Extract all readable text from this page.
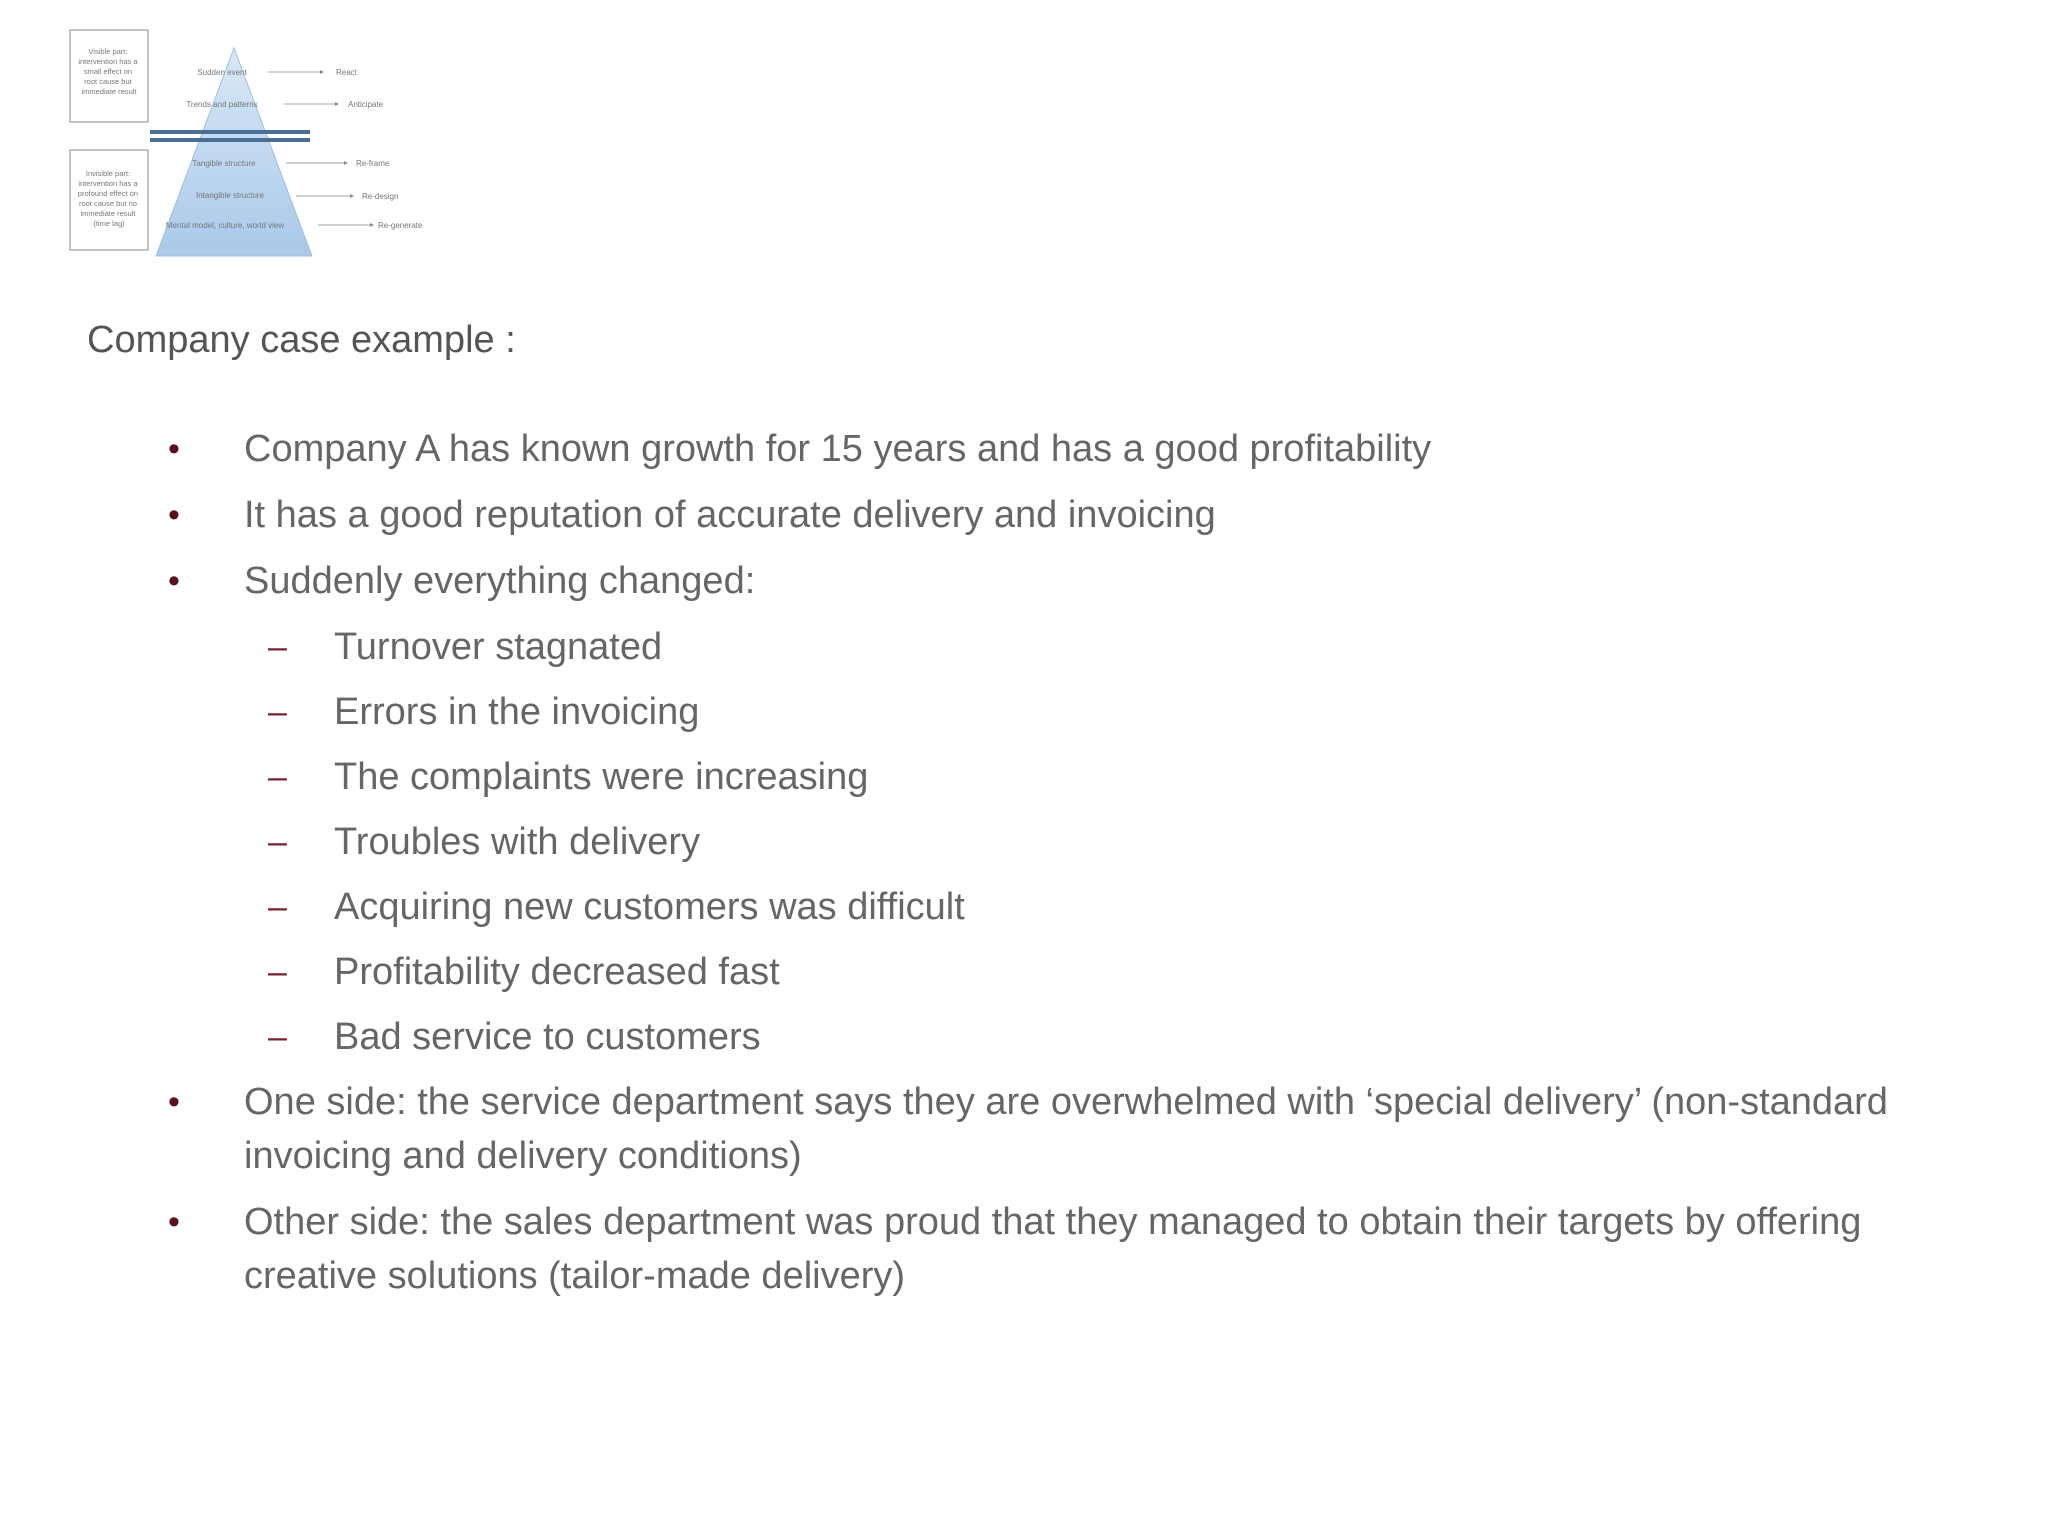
Visible part: intervention has a small effect on root cause but immediate result
Invisible part: intervention has a profound effect on root cause but no immediate result (time lag)
Sudden event
Trends and patterns
Tangible structure
Intangible structure
Mental model, culture, world view
React
Anticipate
Re-frame
Re-design
Re-generate
Company case example :
• Company A has known growth for 15 years and has a good profitability
• It has a good reputation of accurate delivery and invoicing
• Suddenly everything changed:
– Turnover stagnated
– Errors in the invoicing
– The complaints were increasing
– Troubles with delivery
– Acquiring new customers was difficult
– Profitability decreased fast
– Bad service to customers
• One side: the service department says they are overwhelmed with ‘special delivery’ (non-standard invoicing and delivery conditions)
• Other side: the sales department was proud that they managed to obtain their targets by offering creative solutions (tailor-made delivery)
